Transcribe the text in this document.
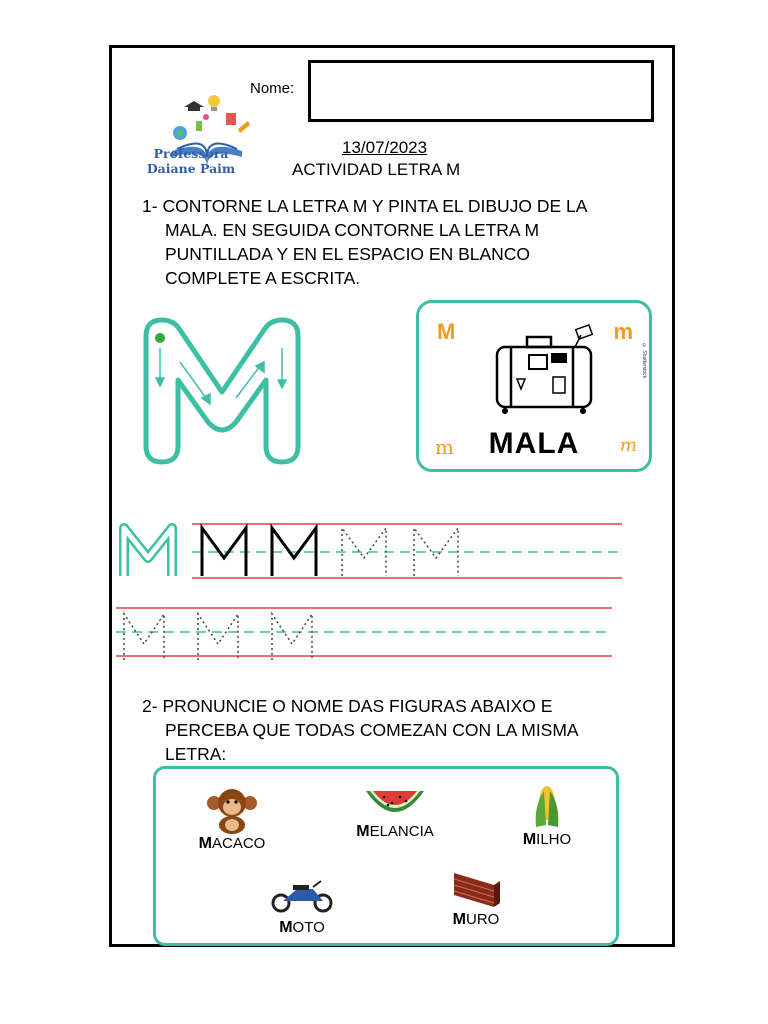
Professora
Daiane Paim
Nome:
13/07/2023
ACTIVIDAD LETRA M
1- CONTORNE LA LETRA M Y PINTA EL DIBUJO DE LA
MALA. EN SEGUIDA CONTORNE LA LETRA M
PUNTILLADA Y EN EL ESPACIO EN BLANCO
COMPLETE A ESCRITA.
M	m
MALA
m	m
© Shutterstock
2- PRONUNCIE O NOME DAS FIGURAS ABAIXO E
PERCEBA QUE TODAS COMEZAN CON LA MISMA
LETRA:
MACACO
MELANCIA	MILHO
MOTO	MURO
